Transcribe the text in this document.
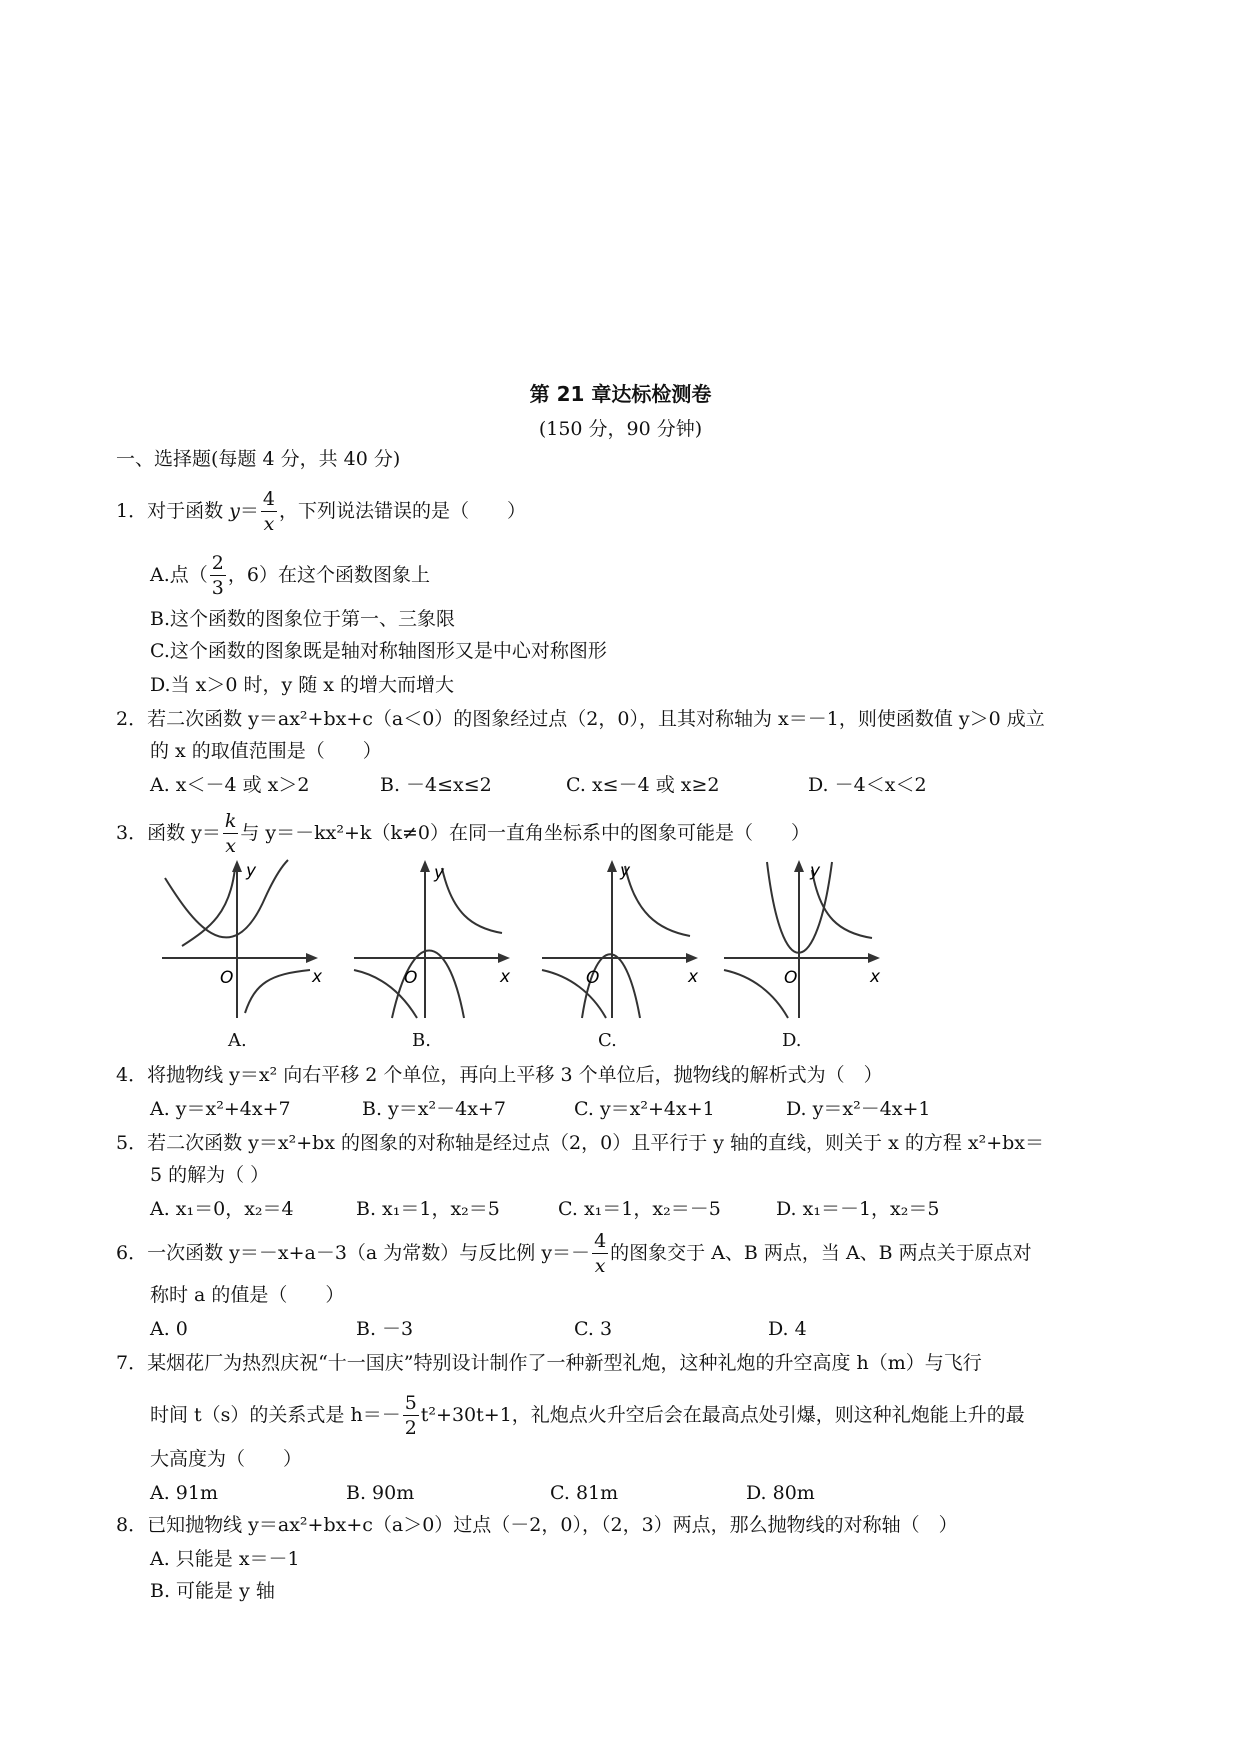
第 21 章达标检测卷
(150 分，90 分钟)
一、选择题(每题 4 分，共 40 分)
1．对于函数 $y= \frac{4}{x}$ ，下列说法错误的是（　　）
A.点（ $\frac{2}{3}$ ，6）在这个函数图象上
B.这个函数的图象位于第一、三象限
C.这个函数的图象既是轴对称轴图形又是中心对称图形
D.当 x＞0 时，y 随 x 的增大而增大
2．若二次函数 y＝ax²+bx+c（a＜0）的图象经过点（2，0），且其对称轴为 x＝－1，则使函数值 y＞0 成立
的 x 的取值范围是（　　）
A. x＜－4 或 x＞2	B. －4≤x≤2	C. x≤－4 或 x≥2	D. －4＜x＜2
3．函数 $y= \frac{k}{x}$ 与 y＝－kx²+k（k≠0）在同一直角坐标系中的图象可能是（　　）
O	x
y
O	x
y
O	x
y
O	x
y
A.	B.	C.	D.
4．将抛物线 y＝x² 向右平移 2 个单位，再向上平移 3 个单位后，抛物线的解析式为（　）
A. y＝x²+4x+7	B. y＝x²－4x+7	C. y＝x²+4x+1	D. y＝x²－4x+1
5．若二次函数 y＝x²+bx 的图象的对称轴是经过点（2，0）且平行于 y 轴的直线，则关于 x 的方程 x²+bx＝
5 的解为（ ）
A. x₁＝0，x₂＝4	B. x₁＝1，x₂＝5	C. x₁＝1，x₂＝－5	D. x₁＝－1，x₂＝5
6．一次函数 y＝－x+a－3（a 为常数）与反比例 $y=- \frac{4}{x}$ 的图象交于 A、B 两点，当 A、B 两点关于原点对
称时 a 的值是（　　）
A. 0	B. －3	C. 3	D. 4
7．某烟花厂为热烈庆祝“十一国庆”特别设计制作了一种新型礼炮，这种礼炮的升空高度 h（m）与飞行
时间 t（s）的关系式是 $h=- \frac{5}{2} t^2+30t+1$，礼炮点火升空后会在最高点处引爆，则这种礼炮能上升的最
大高度为（　　）
A. 91m	B. 90m	C. 81m	D. 80m
8．已知抛物线 y＝ax²+bx+c（a＞0）过点（－2，0），（2，3）两点，那么抛物线的对称轴（　）
A. 只能是 x＝－1
B. 可能是 y 轴
